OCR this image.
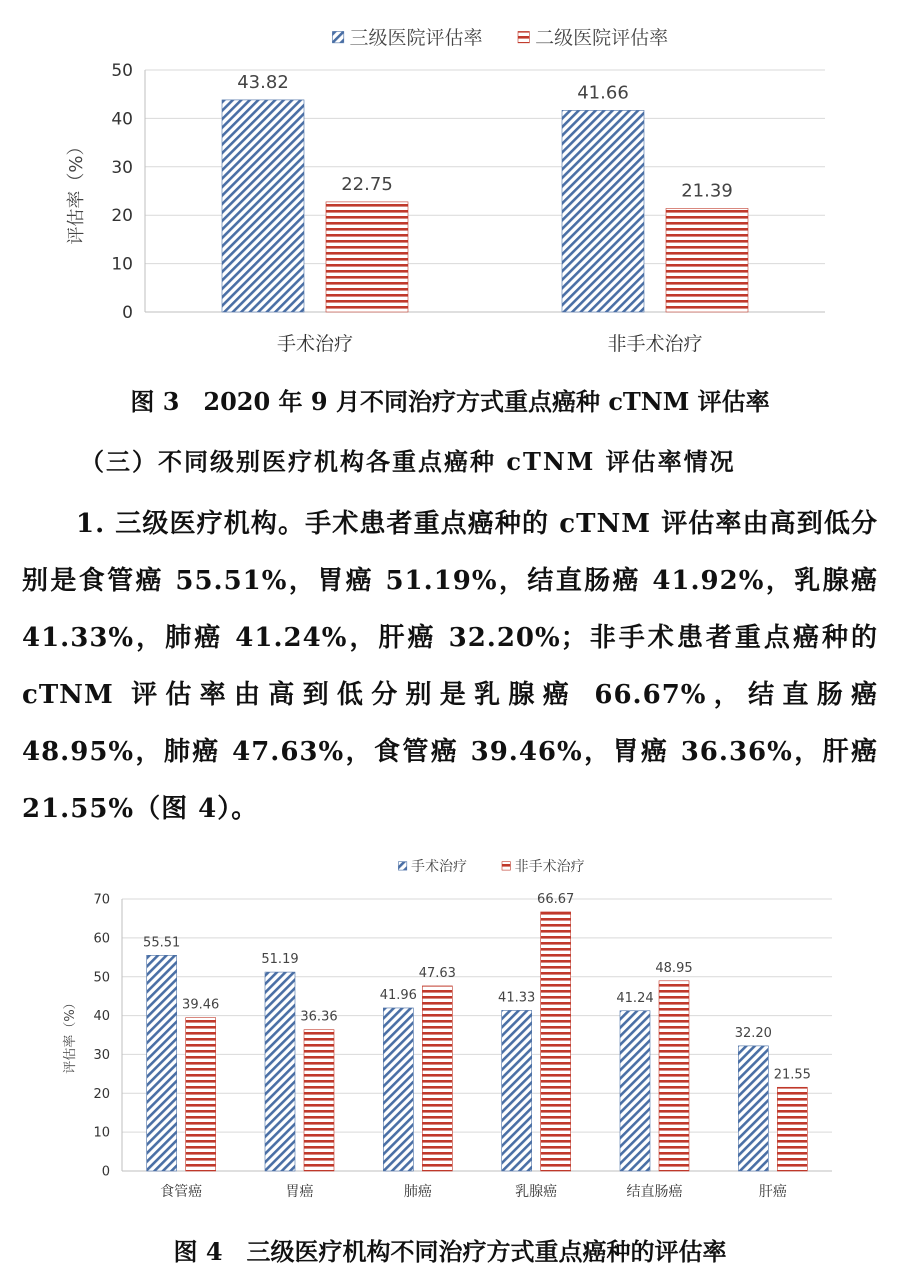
0
10
20
30
40
50
评估率（%）
43.82
22.75
手术治疗
41.66
21.39
非手术治疗
三级医院评估率	二级医院评估率
图 3　2020 年 9 月不同治疗方式重点癌种 cTNM 评估率
（三）不同级别医疗机构各重点癌种 cTNM 评估率情况

1. 三级医疗机构。手术患者重点癌种的 cTNM 评估率由高到低分别是食管癌 55.51%，胃癌 51.19%，结直肠癌 41.92%，乳腺癌 41.33%，肺癌 41.24%，肝癌 32.20%；非手术患者重点癌种的 cTNM 评估率由高到低分别是乳腺癌 66.67%，结直肠癌 48.95%，肺癌 47.63%，食管癌 39.46%，胃癌 36.36%，肝癌 21.55%（图 4）。

0
10
20
30
40
50
60
70
评估率（%）
55.51
39.46
食管癌
51.19
36.36
胃癌
41.96
47.63
肺癌
41.33
66.67
乳腺癌
41.24
48.95
结直肠癌
32.20
21.55
肝癌
手术治疗	非手术治疗
图 4　三级医疗机构不同治疗方式重点癌种的评估率
